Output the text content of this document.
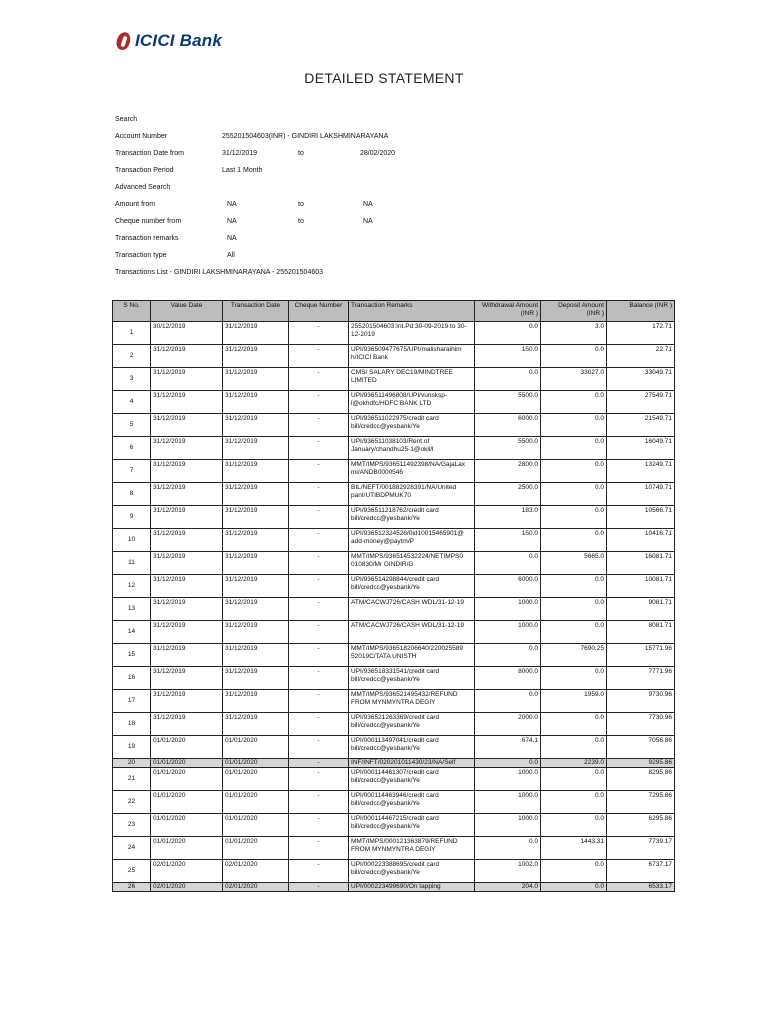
ICICI Bank
DETAILED STATEMENT
Search
Account Number	255201504603(INR) - GINDIRI LAKSHMINARAYANA
Transaction Date from	31/12/2019	to	28/02/2020
Transaction Period	Last 1 Month
Advanced Search
Amount from	NA	to	NA
Cheque number from	NA	to	NA
Transaction remarks	NA
Transaction type	All
Transactions List - GINDIRI LAKSHMINARAYANA - 255201504603
S No.	Value Date	Transaction Date	Cheque Number	Transaction Remarks	Withdrawal Amount (INR )	Deposit Amount (INR )	Balance (INR )
1	30/12/2019	31/12/2019	-	255201504603:Int.Pd:30-09-2019 to 30-12-2019	0.0	3.0	172.71
2	31/12/2019	31/12/2019	-	UPI/936509477675/UPI/malisharaihim h/ICICI Bank	150.0	0.0	22.71
3	31/12/2019	31/12/2019	-	CMS/ SALARY DEC19/MINDTREE LIMITED	0.0	33027.0	33049.71
4	31/12/2019	31/12/2019	-	UPI/936511496808/UPI/vunsksp- l@okhdfc/HDFC BANK LTD	5500.0	0.0	27549.71
5	31/12/2019	31/12/2019	-	UPI/936511022975/credit card bill/credcc@yesbank/Ye	6000.0	0.0	21549.71
6	31/12/2019	31/12/2019	-	UPI/936511038103/Rent of January/chandhu25-1@okil/l	5500.0	0.0	16049.71
7	31/12/2019	31/12/2019	-	MMT/IMPS/936511492398/NA/GajaLax mi/ANDB0000546	2800.0	0.0	13249.71
8	31/12/2019	31/12/2019	-	BIL/NEFT/001882928391/NA/United panI/UTIBDPMUK70	2500.0	0.0	10749.71
9	31/12/2019	31/12/2019	-	UPI/936511218762/credit card bill/credcc@yesbank/Ye	183.0	0.0	10566.71
10	31/12/2019	31/12/2019	-	UPI/936512324526/0id10015465901@ add-money@paytm/P	150.0	0.0	10416.71
11	31/12/2019	31/12/2019	-	MMT/IMPS/936514532224/NETIMPS0 010830/Mr GINDIR/G	0.0	5665.0	16081.71
12	31/12/2019	31/12/2019	-	UPI/936514298844/credit card bill/credcc@yesbank/Ye	6000.0	0.0	10081.71
13	31/12/2019	31/12/2019	-	ATM/CACWJ726/CASH WDL/31-12-19	1000.0	0.0	9081.71
14	31/12/2019	31/12/2019	-	ATM/CACWJ726/CASH WDL/31-12-19	1000.0	0.0	8081.71
15	31/12/2019	31/12/2019	-	MMT/IMPS/936518206640/220025589 52019C/TATA UNISTH	0.0	7690.25	15771.96
16	31/12/2019	31/12/2019	-	UPI/936518331541/credit card bill/credcc@yesbank/Ye	8000.0	0.0	7771.96
17	31/12/2019	31/12/2019	-	MMT/IMPS/936521495432/REFUND FROM MYNMYNTRA DEGIY	0.0	1959.0	9730.96
18	31/12/2019	31/12/2019	-	UPI/936521263369/credit card bill/credcc@yesbank/Ye	2000.0	0.0	7730.96
19	01/01/2020	01/01/2020	-	UPI/000113497041/credit card bill/credcc@yesbank/Ye	674.1	0.0	7056.86
20	01/01/2020	01/01/2020	-	INF/INFT/020201011430/23/NA/Self	0.0	2239.0	9295.86
21	01/01/2020	01/01/2020	-	UPI/000114461307/credit card bill/credcc@yesbank/Ye	1000.0	0.0	8295.86
22	01/01/2020	01/01/2020	-	UPI/000114463946/credit card bill/credcc@yesbank/Ye	1000.0	0.0	7295.86
23	01/01/2020	01/01/2020	-	UPI/000114467215/credit card bill/credcc@yesbank/Ye	1000.0	0.0	6295.86
24	01/01/2020	01/01/2020	-	MMT/IMPS/000121363879/REFUND FROM MYNMYNTRA DEGIY	0.0	1443.31	7739.17
25	02/01/2020	02/01/2020	-	UPI/000223388695/credit card bill/credcc@yesbank/Ye	1002.0	0.0	6737.17
26	02/01/2020	02/01/2020	-	UPI/000223499690/On tapping	204.0	0.0	6533.17
